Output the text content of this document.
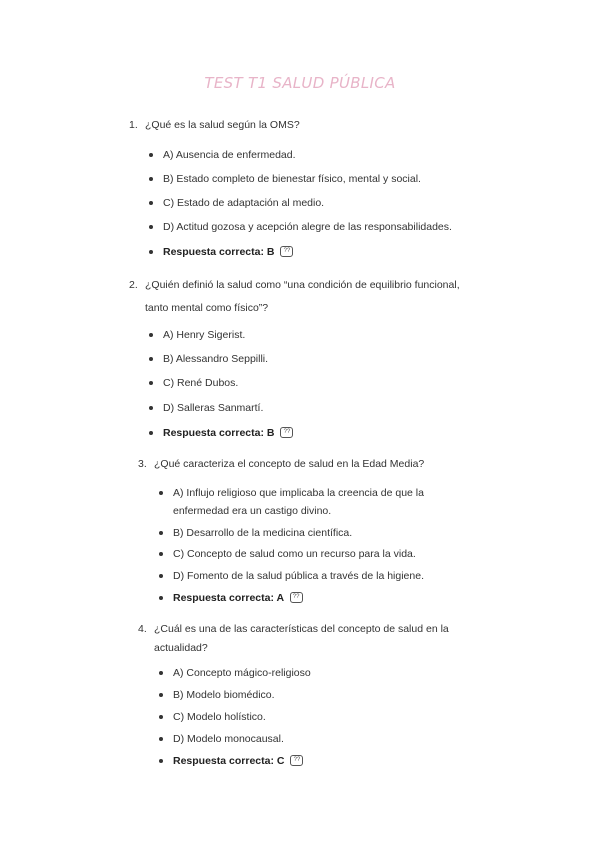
TEST T1 SALUD PÚBLICA
1. ¿Qué es la salud según la OMS?
A) Ausencia de enfermedad.
B) Estado completo de bienestar físico, mental y social.
C) Estado de adaptación al medio.
D) Actitud gozosa y acepción alegre de las responsabilidades.
Respuesta correcta: B ??
2. ¿Quién definió la salud como “una condición de equilibrio funcional,
tanto mental como físico”?
A) Henry Sigerist.
B) Alessandro Seppilli.
C) René Dubos.
D) Salleras Sanmartí.
Respuesta correcta: B ??
3. ¿Qué caracteriza el concepto de salud en la Edad Media?
A) Influjo religioso que implicaba la creencia de que la
enfermedad era un castigo divino.
B) Desarrollo de la medicina científica.
C) Concepto de salud como un recurso para la vida.
D) Fomento de la salud pública a través de la higiene.
Respuesta correcta: A ??
4. ¿Cuál es una de las características del concepto de salud en la
actualidad?
A) Concepto mágico-religioso
B) Modelo biomédico.
C) Modelo holístico.
D) Modelo monocausal.
Respuesta correcta: C ??
